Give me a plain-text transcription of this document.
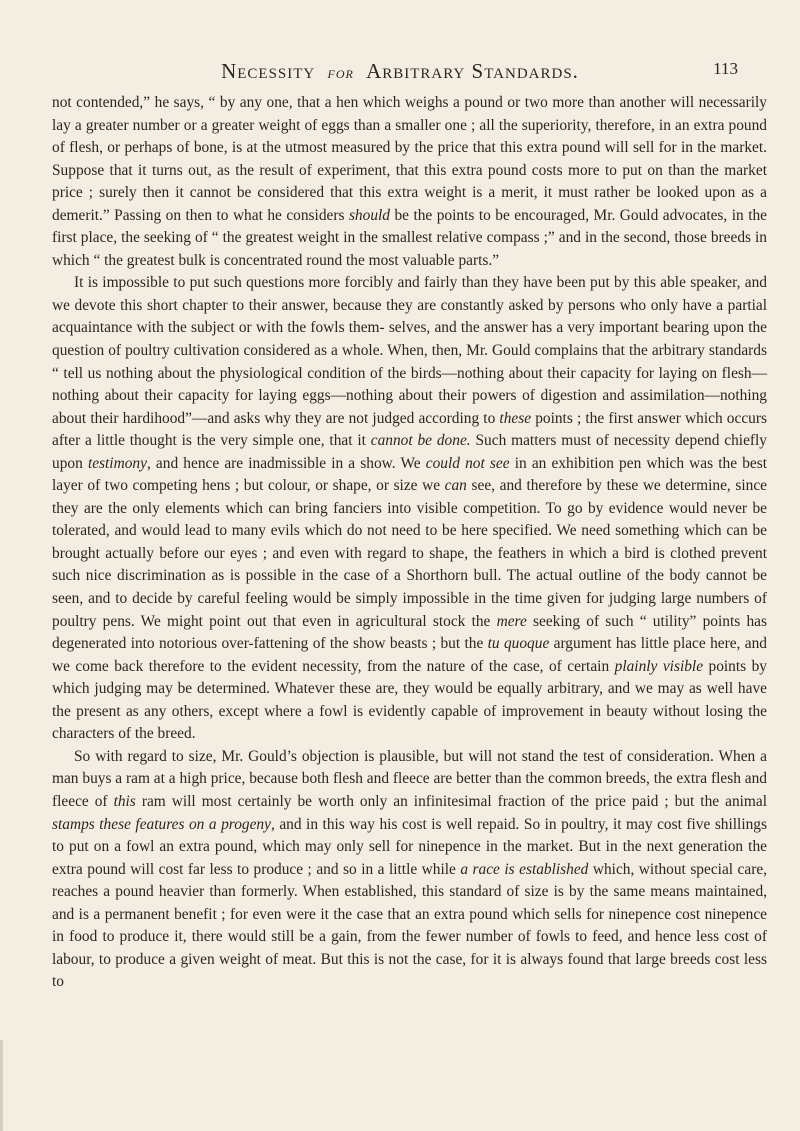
Necessity for Arbitrary Standards.	113

not contended,” he says, “ by any one, that a hen which weighs a pound or two more than another will necessarily lay a greater number or a greater weight of eggs than a smaller one ; all the superiority, therefore, in an extra pound of flesh, or perhaps of bone, is at the utmost measured by the price that this extra pound will sell for in the market. Suppose that it turns out, as the result of experiment, that this extra pound costs more to put on than the market price ; surely then it cannot be considered that this extra weight is a merit, it must rather be looked upon as a demerit.” Passing on then to what he considers should be the points to be encouraged, Mr. Gould advocates, in the first place, the seeking of “ the greatest weight in the smallest relative compass ;” and in the second, those breeds in which “ the greatest bulk is concentrated round the most valuable parts.”

It is impossible to put such questions more forcibly and fairly than they have been put by this able speaker, and we devote this short chapter to their answer, because they are constantly asked by persons who only have a partial acquaintance with the subject or with the fowls them- selves, and the answer has a very important bearing upon the question of poultry cultivation considered as a whole. When, then, Mr. Gould complains that the arbitrary standards “ tell us nothing about the physiological condition of the birds—nothing about their capacity for laying on flesh—nothing about their capacity for laying eggs—nothing about their powers of digestion and assimilation—nothing about their hardihood”—and asks why they are not judged according to these points ; the first answer which occurs after a little thought is the very simple one, that it cannot be done. Such matters must of necessity depend chiefly upon testimony, and hence are inadmissible in a show. We could not see in an exhibition pen which was the best layer of two competing hens ; but colour, or shape, or size we can see, and therefore by these we determine, since they are the only elements which can bring fanciers into visible competition. To go by evidence would never be tolerated, and would lead to many evils which do not need to be here specified. We need something which can be brought actually before our eyes ; and even with regard to shape, the feathers in which a bird is clothed prevent such nice discrimination as is possible in the case of a Shorthorn bull. The actual outline of the body cannot be seen, and to decide by careful feeling would be simply impossible in the time given for judging large numbers of poultry pens. We might point out that even in agricultural stock the mere seeking of such “ utility” points has degenerated into notorious over-fattening of the show beasts ; but the tu quoque argument has little place here, and we come back therefore to the evident necessity, from the nature of the case, of certain plainly visible points by which judging may be determined. Whatever these are, they would be equally arbitrary, and we may as well have the present as any others, except where a fowl is evidently capable of improvement in beauty without losing the characters of the breed.

So with regard to size, Mr. Gould’s objection is plausible, but will not stand the test of consideration. When a man buys a ram at a high price, because both flesh and fleece are better than the common breeds, the extra flesh and fleece of this ram will most certainly be worth only an infinitesimal fraction of the price paid ; but the animal stamps these features on a progeny, and in this way his cost is well repaid. So in poultry, it may cost five shillings to put on a fowl an extra pound, which may only sell for ninepence in the market. But in the next generation the extra pound will cost far less to produce ; and so in a little while a race is established which, without special care, reaches a pound heavier than formerly. When established, this standard of size is by the same means maintained, and is a permanent benefit ; for even were it the case that an extra pound which sells for ninepence cost ninepence in food to produce it, there would still be a gain, from the fewer number of fowls to feed, and hence less cost of labour, to produce a given weight of meat. But this is not the case, for it is always found that large breeds cost less to
